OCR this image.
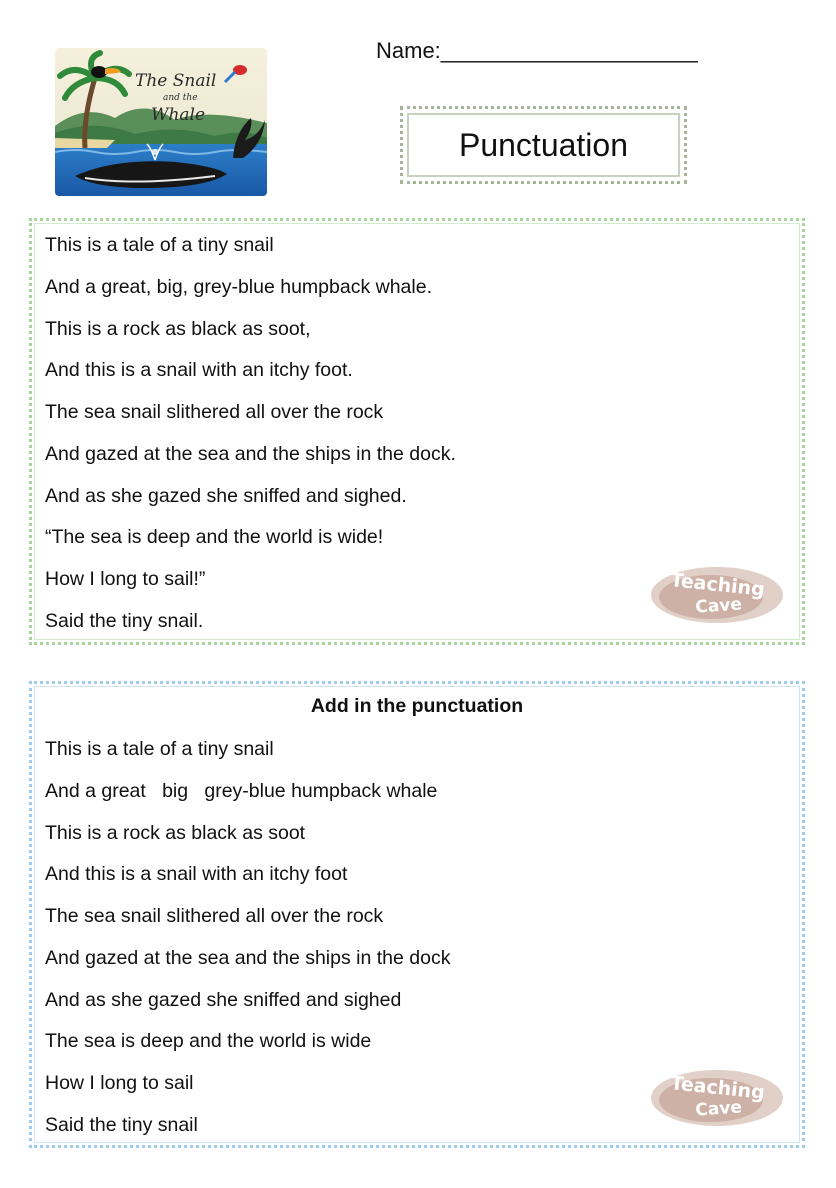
The Snail
and the
Whale
Name:_____________________
Punctuation
This is a tale of a tiny snail
And a great, big, grey-blue humpback whale.
This is a rock as black as soot,
And this is a snail with an itchy foot.
The sea snail slithered all over the rock
And gazed at the sea and the ships in the dock.
And as she gazed she sniffed and sighed.
“The sea is deep and the world is wide!
How I long to sail!”
Said the tiny snail.
Teaching
Cave
Add in the punctuation
This is a tale of a tiny snail
And a great   big   grey-blue humpback whale
This is a rock as black as soot
And this is a snail with an itchy foot
The sea snail slithered all over the rock
And gazed at the sea and the ships in the dock
And as she gazed she sniffed and sighed
The sea is deep and the world is wide
How I long to sail
Said the tiny snail
Teaching
Cave
